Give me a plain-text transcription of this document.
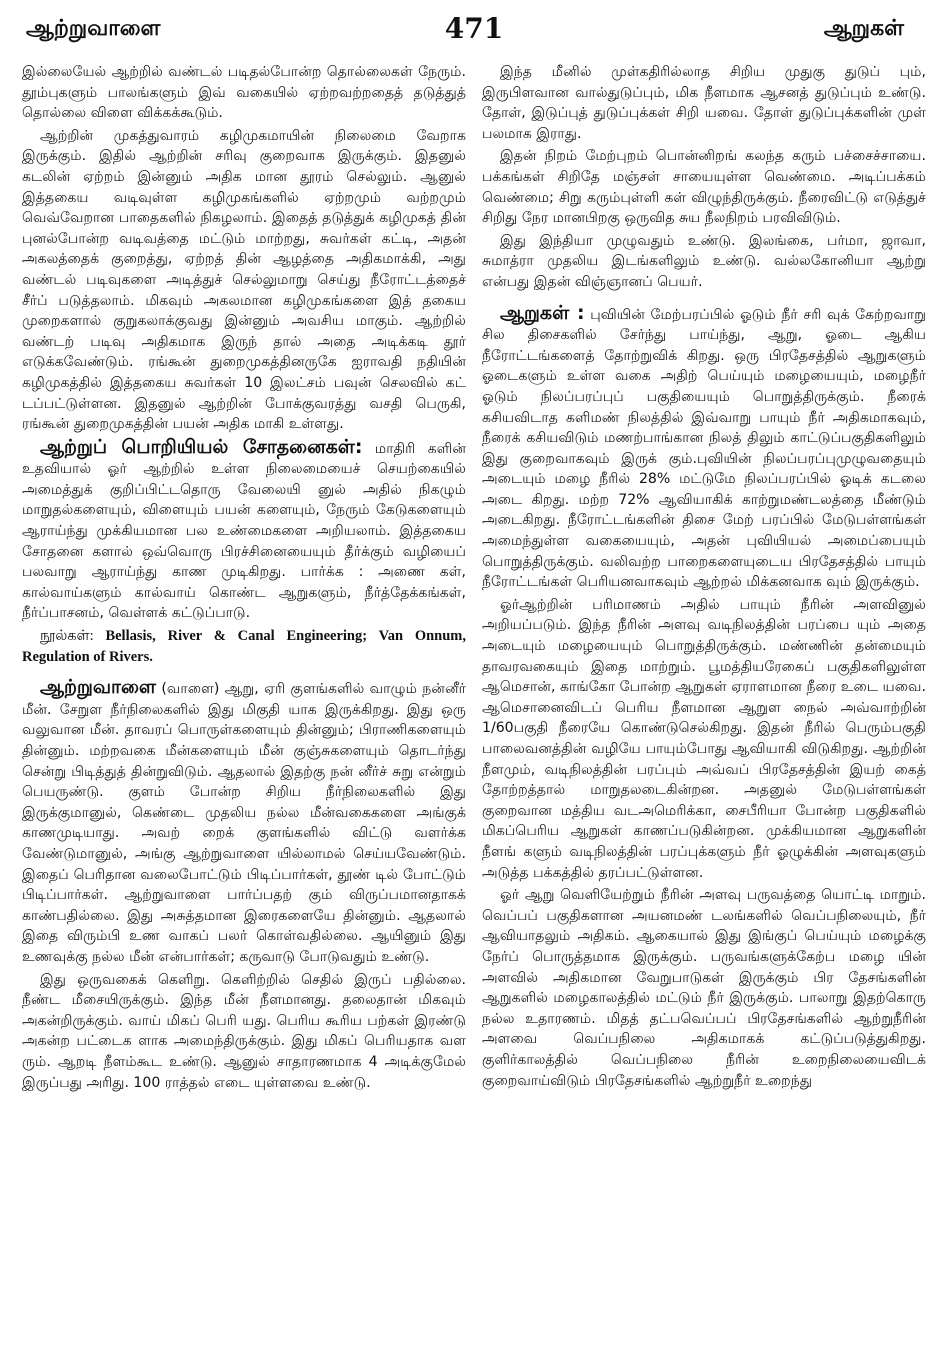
ஆற்றுவாளை	471	ஆறுகள்

இல்லையேல் ஆற்றில் வண்டல் படிதல்போன்ற தொல்லைகள் நேரும். தூம்புகளும் பாலங்களும் இவ் வகையில் ஏற்றவற்றதைத் தடுத்துத் தொல்லை விளை விக்கக்கூடும்.

ஆற்றின் முகத்துவாரம் கழிமுகமாயின் நிலைமை வேறாக இருக்கும். இதில் ஆற்றின் சரிவு குறைவாக இருக்கும். இதனுல் கடலின் ஏற்றம் இன்னும் அதிக மான தூரம் செல்லும். ஆனுல் இத்தகைய வடிவுள்ள கழிமுகங்களில் ஏற்றமும் வற்றமும் வெவ்வேறான பாதைகளில் நிகழலாம். இதைத் தடுத்துக் கழிமுகத் தின் புனல்போன்ற வடிவத்தை மட்டும் மாற்றது, சுவர்கள் கட்டி, அதன் அகலத்தைக் குறைத்து, ஏற்றத் தின் ஆழத்தை அதிகமாக்கி, அது வண்டல் படிவுகளை அடித்துச் செல்லுமாறு செய்து நீரோட்டத்தைச் சீர்ப் படுத்தலாம். மிகவும் அகலமான கழிமுகங்களை இத் தகைய முறைகளால் குறுகலாக்குவது இன்னும் அவசிய மாகும். ஆற்றில் வண்டற் படிவு அதிகமாக இருந் தால் அதை அடிக்கடி தூர் எடுக்கவேண்டும். ரங்கூன் துறைமுகத்தினருகே ஐராவதி நதியின் கழிமுகத்தில் இத்தகைய சுவர்கள் 10 இலட்சம் பவுன் செலவில் கட் டப்பட்டுள்ளன. இதனுல் ஆற்றின் போக்குவரத்து வசதி பெருகி, ரங்கூன் துறைமுகத்தின் பயன் அதிக மாகி உள்ளது.

ஆற்றுப் பொறியியல் சோதனைகள்: மாதிரி களின் உதவியால் ஓர் ஆற்றில் உள்ள நிலைமையைச் செயற்கையில் அமைத்துக் குறிப்பிட்டதொரு வேலையி னுல் அதில் நிகழும் மாறுதல்களையும், விளையும் பயன் களையும், நேரும் கேடுகளையும் ஆராய்ந்து முக்கியமான பல உண்மைகளை அறியலாம். இத்தகைய சோதனை களால் ஒவ்வொரு பிரச்சினையையும் தீர்க்கும் வழியைப் பலவாறு ஆராய்ந்து காண முடிகிறது. பார்க்க : அணை கள், கால்வாய்களும் கால்வாய் கொண்ட ஆறுகளும், நீர்த்தேக்கங்கள், நீர்ப்பாசனம், வெள்ளக் கட்டுப்பாடு.

நூல்கள்: Bellasis, River & Canal Engineering; Van Onnum, Regulation of Rivers.

ஆற்றுவாளை (வாளை) ஆறு, ஏரி குளங்களில் வாழும் நன்னீர் மீன். சேறுள நீர்நிலைகளில் இது மிகுதி யாக இருக்கிறது. இது ஒரு வலுவான மீன். தாவரப் பொருள்களையும் தின்னும்; பிராணிகளையும் தின்னும். மற்றவகை மீன்களையும் மீன் குஞ்சுகளையும் தொடர்ந்து சென்று பிடித்துத் தின்றுவிடும். ஆதலால் இதற்கு நன் னீர்ச் சுறு என்றும் பெயருண்டு. குளம் போன்ற சிறிய நீர்நிலைகளில் இது இருக்குமானுல், கெண்டை முதலிய நல்ல மீன்வகைகளை அங்குக் காணமுடியாது. அவற் றைக் குளங்களில் விட்டு வளர்க்க வேண்டுமானுல், அங்கு ஆற்றுவாளை யில்லாமல் செய்யவேண்டும். இதைப் பெரிதான வலைபோட்டும் பிடிப்பார்கள், தூண் டில் போட்டும் பிடிப்பார்கள். ஆற்றுவாளை பார்ப்பதற் கும் விருப்பமானதாகக் காண்பதில்லை. இது அசுத்தமான இரைகளையே தின்னும். ஆதலால் இதை விரும்பி உண வாகப் பலர் கொள்வதில்லை. ஆயினும் இது உணவுக்கு நல்ல மீன் என்பார்கள்; கருவாடு போடுவதும் உண்டு.

இது ஒருவகைக் கெளிறு. கெளிற்றில் செதில் இருப் பதில்லை. நீண்ட மீசையிருக்கும். இந்த மீன் நீளமானது. தலைதான் மிகவும் அகன்றிருக்கும். வாய் மிகப் பெரி யது. பெரிய கூரிய பற்கள் இரண்டு அகன்ற பட்டைக ளாக அமைந்திருக்கும். இது மிகப் பெரியதாக வள ரும். ஆறடி நீளம்கூட உண்டு. ஆனுல் சாதாரணமாக 4 அடிக்குமேல் இருப்பது அரிது. 100 ராத்தல் எடை யுள்ளவை உண்டு.

இந்த மீனில் முள்கதிரில்லாத சிறிய முதுகு துடுப் பும், இருபிளவான வால்துடுப்பும், மிக நீளமாக ஆசனத் துடுப்பும் உண்டு. தோள், இடுப்புத் துடுப்புக்கள் சிறி யவை. தோள் துடுப்புக்களின் முள் பலமாக இராது.

இதன் நிறம் மேற்புறம் பொன்னிறங் கலந்த கரும் பச்சைச்சாயை. பக்கங்கள் சிறிதே மஞ்சள் சாயையுள்ள வெண்மை. அடிப்பக்கம் வெண்மை; சிறு கரும்புள்ளி கள் விழுந்திருக்கும். நீரைவிட்டு எடுத்துச் சிறிது நேர மானபிறகு ஒருவித சுய நீலநிறம் பரவிவிடும்.

இது இந்தியா முழுவதும் உண்டு. இலங்கை, பர்மா, ஜாவா, சுமாத்ரா முதலிய இடங்களிலும் உண்டு. வல்லகோனியா ஆற்று என்பது இதன் விஞ்ஞானப் பெயர்.

ஆறுகள் : புவியின் மேற்பரப்பில் ஓடும் நீர் சரி வுக் கேற்றவாறு சில திசைகளில் சேர்ந்து பாய்ந்து, ஆறு, ஓடை ஆகிய நீரோட்டங்களைத் தோற்றுவிக் கிறது. ஒரு பிரதேசத்தில் ஆறுகளும் ஓடைகளும் உள்ள வகை அதிற் பெய்யும் மழையையும், மழைநீர் ஓடும் நிலப்பரப்புப் பகுதியையும் பொறுத்திருக்கும். நீரைக் கசியவிடாத களிமண் நிலத்தில் இவ்வாறு பாயும் நீர் அதிகமாகவும், நீரைக் கசியவிடும் மணற்பாங்கான நிலத் திலும் காட்டுப்பகுதிகளிலும் இது குறைவாகவும் இருக் கும்.புவியின் நிலப்பரப்புமுழுவதையும் அடையும் மழை நீரில் 28% மட்டுமே நிலப்பரப்பில் ஓடிக் கடலை அடை கிறது. மற்ற 72% ஆவியாகிக் காற்றுமண்டலத்தை மீண்டும் அடைகிறது. நீரோட்டங்களின் திசை மேற் பரப்பில் மேடுபள்ளங்கள் அமைந்துள்ள வகையையும், அதன் புவியியல் அமைப்பையும் பொறுத்திருக்கும். வலிவற்ற பாறைகளையுடைய பிரதேசத்தில் பாயும் நீரோட்டங்கள் பெரியனவாகவும் ஆற்றல் மிக்கனவாக வும் இருக்கும்.

ஓர்ஆற்றின் பரிமாணம் அதில் பாயும் நீரின் அளவினுல் அறியப்படும். இந்த நீரின் அளவு வடிநிலத்தின் பரப்பை யும் அதை அடையும் மழையையும் பொறுத்திருக்கும். மண்ணின் தன்மையும் தாவரவகையும் இதை மாற்றும். பூமத்தியரேகைப் பகுதிகளிலுள்ள ஆமெசான், காங்கோ போன்ற ஆறுகள் ஏராளமான நீரை உடை யவை. ஆமெசானைவிடப் பெரிய நீளமான ஆறுள நைல் அவ்வாற்றின் 1/60பகுதி நீரையே கொண்டுசெல்கிறது. இதன் நீரில் பெரும்பகுதி பாலைவனத்தின் வழியே பாயும்போது ஆவியாகி விடுகிறது. ஆற்றின் நீளமும், வடிநிலத்தின் பரப்பும் அவ்வப் பிரதேசத்தின் இயற் கைத் தோற்றத்தால் மாறுதலடைகின்றன. அதனுல் மேடுபள்ளங்கள் குறைவான மத்திய வடஅமெரிக்கா, சைபீரியா போன்ற பகுதிகளில் மிகப்பெரிய ஆறுகள் காணப்படுகின்றன. முக்கியமான ஆறுகளின் நீளங் களும் வடிநிலத்தின் பரப்புக்களும் நீர் ஓழுக்கின் அளவுகளும் அடுத்த பக்கத்தில் தரப்பட்டுள்ளன.

ஓர் ஆறு வெளியேற்றும் நீரின் அளவு பருவத்தை யொட்டி மாறும். வெப்பப் பகுதிகளான அயனமண் டலங்களில் வெப்பநிலையும், நீர் ஆவியாதலும் அதிகம். ஆகையால் இது இங்குப் பெய்யும் மழைக்கு நேர்ப் பொருத்தமாக இருக்கும். பருவங்களுக்கேற்ப மழை யின் அளவில் அதிகமான வேறுபாடுகள் இருக்கும் பிர தேசங்களின் ஆறுகளில் மழைகாலத்தில் மட்டும் நீர் இருக்கும். பாலாறு இதற்கொரு நல்ல உதாரணம். மிதத் தட்பவெப்பப் பிரதேசங்களில் ஆற்றுநீரின் அளவை வெப்பநிலை அதிகமாகக் கட்டுப்படுத்துகிறது. குளிர்காலத்தில் வெப்பநிலை நீரின் உறைநிலையைவிடக் குறைவாய்விடும் பிரதேசங்களில் ஆற்றுநீர் உறைந்து
